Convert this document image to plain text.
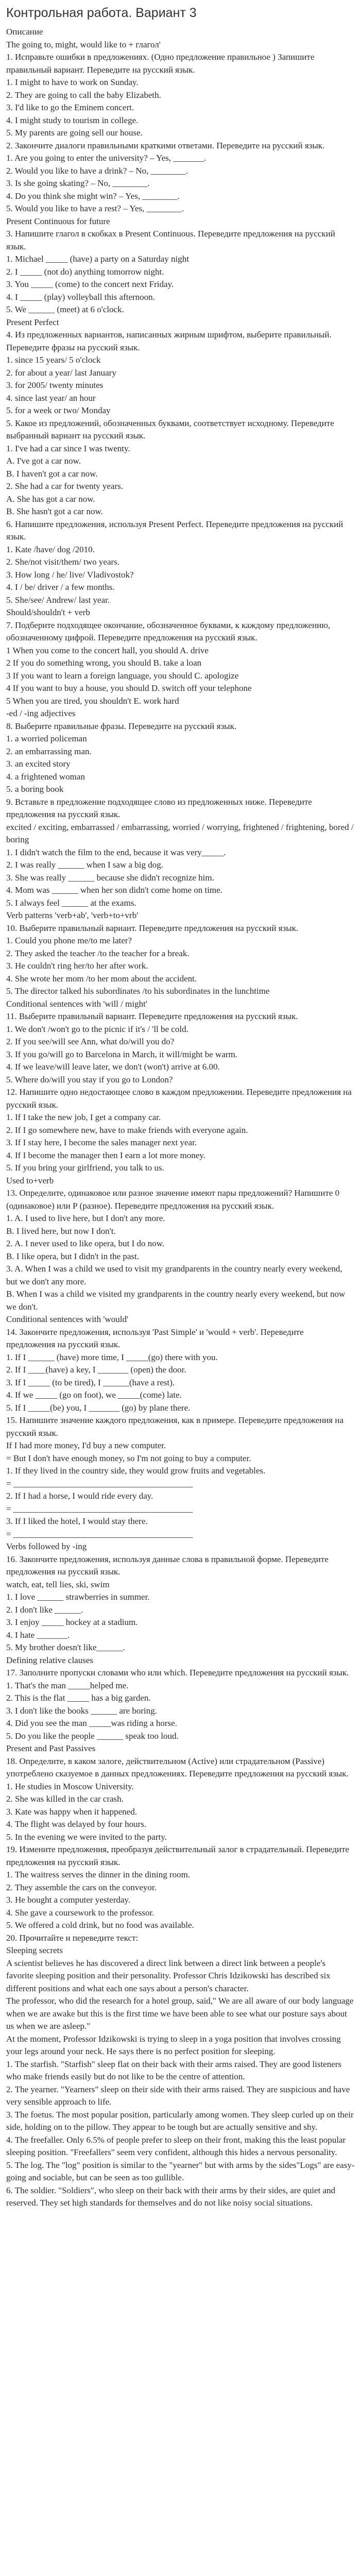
Контрольная работа. Вариант 3

Описание

The going to, might, would like to + глагол'

1. Исправьте ошибки в предложениях. (Одно предложение правильное ) Запишите правильный вариант. Переведите на русский язык.

1. I might to have to work on Sunday.

2. They are going to call the baby Elizabeth.

3. I'd like to go the Eminem concert.

4. I might study to tourism in college.

5. My parents are going sell our house.

2. Закончите диалоги правильными краткими ответами. Переведите на русский язык.

1. Are you going to enter the university? – Yes, _______.

2. Would you like to have a drink? – No, ________.

3. Is she going skating? – No, ________.

4. Do you think she might win? – Yes, ________.

5. Would you like to have a rest? – Yes, ________.

Present Continuous for future

3. Напишите глагол в скобках в Present Continuous. Переведите предложения на русский язык.

1. Michael _____ (have) a party on a Saturday night

2. I _____ (not do) anything tomorrow night.

3. You _____ (come) to the concert next Friday.

4. I _____ (play) volleyball this afternoon.

5. We ______ (meet) at 6 o'clock.

Present Perfect

4. Из предложенных вариантов, написанных жирным шрифтом, выберите правильный. Переведите фразы на русский язык.

1. since 15 years/ 5 o'clock

2. for about a year/ last January

3. for 2005/ twenty minutes

4. since last year/ an hour

5. for a week or two/ Monday

5. Какое из предложений, обозначенных буквами, соответствует исходному. Переведите выбранный вариант на русский язык.

1. I've had a car since I was twenty.

A. I've got a car now.

B. I haven't got a car now.

2. She had a car for twenty years.

A. She has got a car now.

B. She hasn't got a car now.

6. Напишите предложения, используя Present Perfect. Переведите предложения на русский язык.

1. Kate /have/ dog /2010.

2. She/not visit/them/ two years.

3. How long / he/ live/ Vladivostok?

4. I / be/ driver / a few months.

5. She/see/ Andrew/ last year.

Should/shouldn't + verb

7. Подберите подходящее окончание, обозначенное буквами, к каждому предложению, обозначенному цифрой. Переведите предложения на русский язык.

1 When you come to the concert hall, you should A. drive

2 If you do something wrong, you should B. take a loan

3 If you want to learn a foreign language, you should C. apologize

4 If you want to buy a house, you should D. switch off your telephone

5 When you are tired, you shouldn't E. work hard

-ed / -ing adjectives

8. Выберите правильные фразы. Переведите на русский язык.

1. a worried policeman

2. an embarrassing man.

3. an excited story

4. a frightened woman

5. a boring book

9. Вставьте в предложение подходящее слово из предложенных ниже. Переведите предложения на русский язык.

excited / exciting, embarrassed / embarrassing, worried / worrying, frightened / frightening, bored / boring

1. I didn't watch the film to the end, because it was very_____.

2. I was really ______ when I saw a big dog.

3. She was really ______ because she didn't recognize him.

4. Mom was ______ when her son didn't come home on time.

5. I always feel ______ at the exams.

Verb patterns 'verb+ab', 'verb+to+vrb'

10. Выберите правильный вариант. Переведите предложения на русский язык.

1. Could you phone me/to me later?

2. They asked the teacher /to the teacher for a break.

3. He couldn't ring her/to her after work.

4. She wrote her mom /to her mom about the accident.

5. The director talked his subordinates /to his subordinates in the lunchtime

Conditional sentences with 'will / might'

11. Выберите правильный вариант. Переведите предложения на русский язык.

1. We don't /won't go to the picnic if it's / 'll be cold.

2. If you see/will see Ann, what do/will you do?

3. If you go/will go to Barcelona in March, it will/might be warm.

4. If we leave/will leave later, we don't (won't) arrive at 6.00.

5. Where do/will you stay if you go to London?

12. Напишите одно недостающее слово в каждом предложении. Переведите предложения на русский язык.

1. If I take the new job, I get a company car.

2. If I go somewhere new, have to make friends with everyone again.

3. If I stay here, I become the sales manager next year.

4. If I become the manager then I earn a lot more money.

5. If you bring your girlfriend, you talk to us.

Used to+verb

13. Определите, одинаковое или разное значение имеют пары предложений? Напишите 0 (одинаковое) или Р (разное). Переведите предложения на русский язык.

1. A. I used to live here, but I don't any more.

B. I lived here, but now I don't.

2. A. I never used to like opera, but I do now.

B. I like opera, but I didn't in the past.

3. A. When I was a child we used to visit my grandparents in the country nearly every weekend, but we don't any more.

B. When I was a child we visited my grandparents in the country nearly every weekend, but now we don't.

Conditional sentences with 'would'

14. Закончите предложения, используя 'Past Simple' и 'would + verb'. Переведите предложения на русский язык.

1. If I ______ (have) more time, I _____(go) there with you.

2. If I ____(have) a key, I _______ (open) the door.

3. If I _____ (to be tired), I ______(have a rest).

4. If we _____ (go on foot), we _____(come) late.

5. If I _____(be) you, I _______ (go) by plane there.

15. Напишите значение каждого предложения, как в примере. Переведите предложения на русский язык.

If I had more money, I'd buy a new computer.

= But I don't have enough money, so I'm not going to buy a computer.

1. If they lived in the country side, they would grow fruits and vegetables.

= _________________________________________

2. If I had a horse, I would ride every day.

= _________________________________________

3. If I liked the hotel, I would stay there.

= _________________________________________

Verbs followed by -ing

16. Закончите предложения, используя данные слова в правильной форме. Переведите предложения на русский язык.

watch, eat, tell lies, ski, swim

1. I love ______ strawberries in summer.

2. I don't like ______.

3. I enjoy _____ hockey at a stadium.

4. I hate _______.

5. My brother doesn't like______.

Defining relative clauses

17. Заполните пропуски словами who или which. Переведите предложения на русский язык.

1. That's the man _____helped me.

2. This is the flat _____ has a big garden.

3. I don't like the books ______ are boring.

4. Did you see the man _____was riding a horse.

5. Do you like the people ______ speak too loud.

Present and Past Passives

18. Определите, в каком залоге, действительном (Active) или страдательном (Passive) употреблено сказуемое в данных предложениях. Переведите предложения на русский язык.

1. He studies in Moscow University.

2. She was killed in the car crash.

3. Kate was happy when it happened.

4. The flight was delayed by four hours.

5. In the evening we were invited to the party.

19. Измените предложения, преобразуя действительный залог в страдательный. Переведите предложения на русский язык.

1. The waitress serves the dinner in the dining room.

2. They assemble the cars on the conveyor.

3. He bought a computer yesterday.

4. She gave a coursework to the professor.

5. We offered a cold drink, but no food was available.

20. Прочитайте и переведите текст:

Sleeping secrets

A scientist believes he has discovered a direct link between a direct link between a people's favorite sleeping position and their personality. Professor Chris Idzikowski has described six different positions and what each one says about a person's character.

The professor, who did the research for a hotel group, said," We are all aware of our body language when we are awake but this is the first time we have been able to see what our posture says about us when we are asleep."

At the moment, Professor Idzikowski is trying to sleep in a yoga position that involves crossing your legs around your neck. He says there is no perfect position for sleeping.

1. The starfish. "Starfish" sleep flat on their back with their arms raised. They are good listeners who make friends easily but do not like to be the centre of attention.

2. The yearner. "Yearners" sleep on their side with their arms raised. They are suspicious and have very sensible approach to life.

3. The foetus. The most popular position, particularly among women. They sleep curled up on their side, holding on to the pillow. They appear to be tough but are actually sensitive and shy.

4. The freefaller. Only 6.5% of people prefer to sleep on their front, making this the least popular sleeping position. "Freefallers" seem very confident, although this hides a nervous personality.

5. The log. The "log" position is similar to the "yearner" but with arms by the sides"Logs" are easy-going and sociable, but can be seen as too gullible.

6. The soldier. "Soldiers", who sleep on their back with their arms by their sides, are quiet and reserved. They set high standards for themselves and do not like noisy social situations.
